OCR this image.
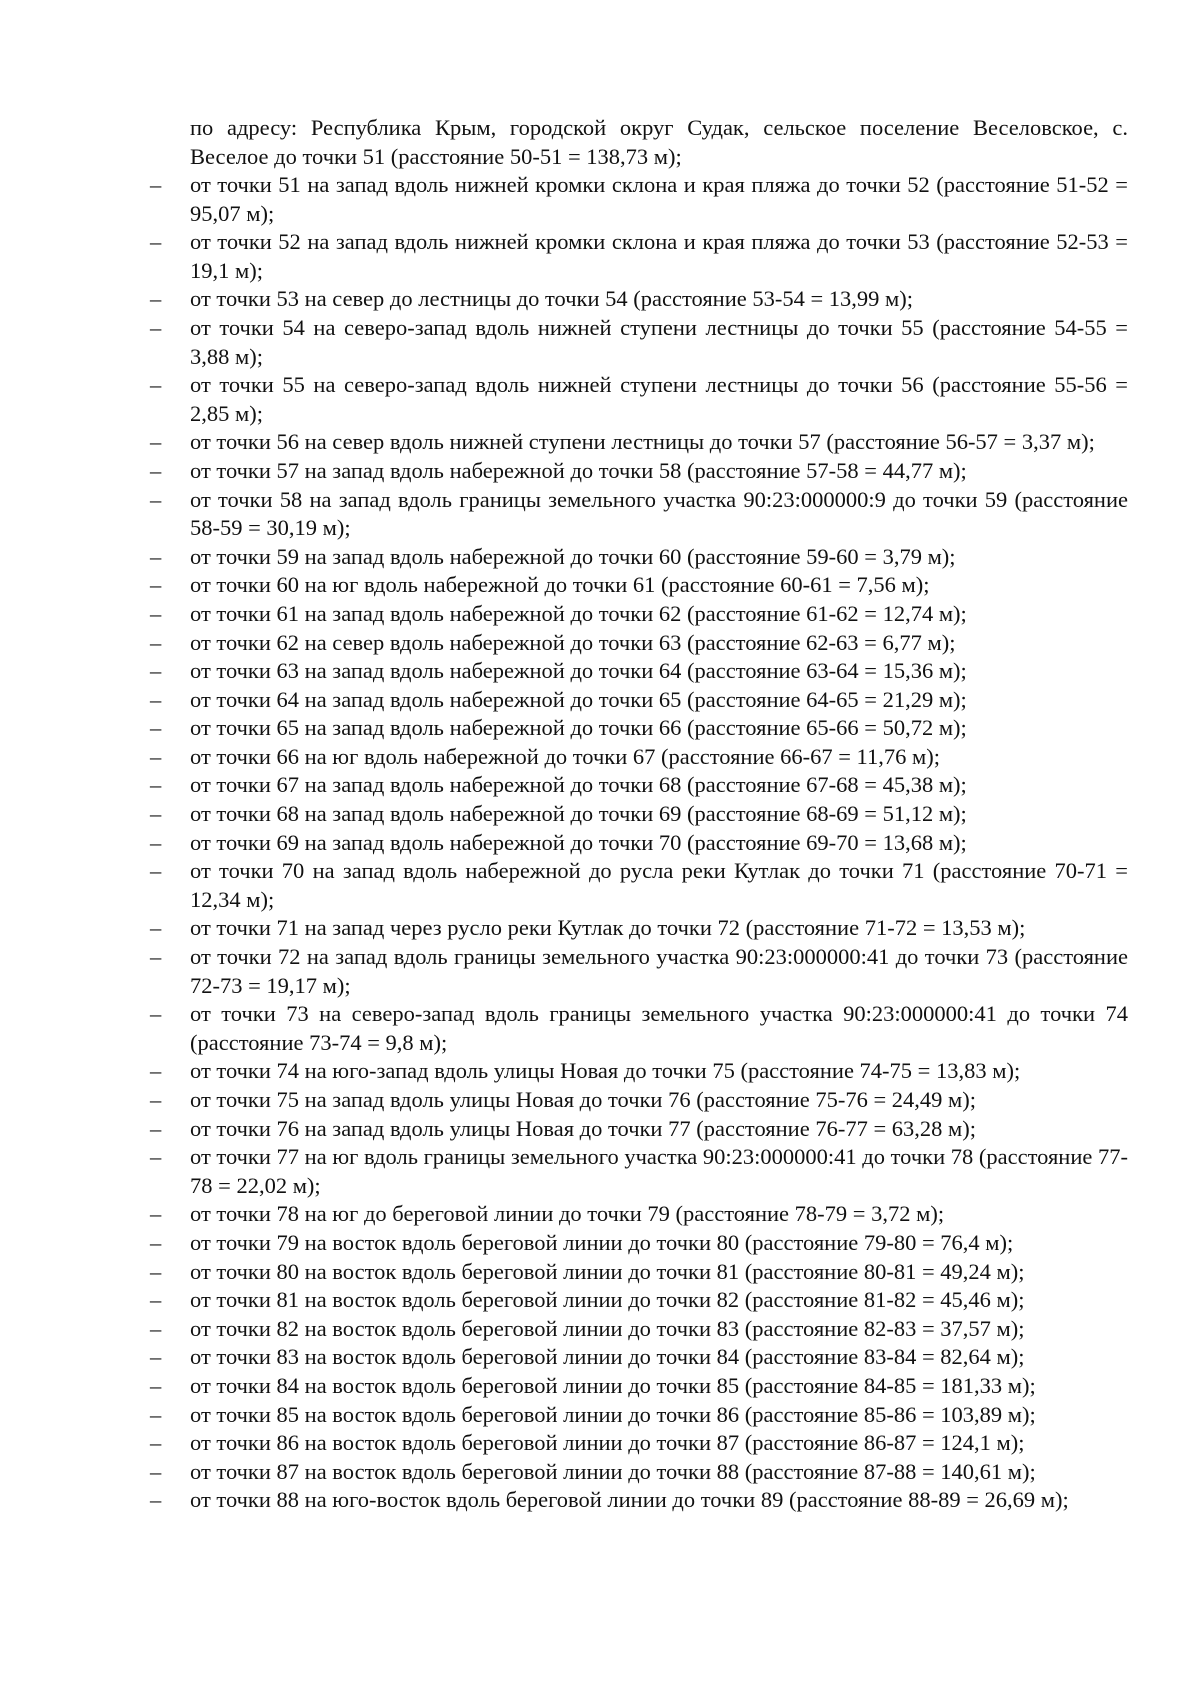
по адресу: Республика Крым, городской округ Судак, сельское поселение Веселовское, с. Веселое до точки 51 (расстояние 50-51 = 138,73 м);

–	от точки 51 на запад вдоль нижней кромки склона и края пляжа до точки 52 (расстояние 51-52 = 95,07 м);
–	от точки 52 на запад вдоль нижней кромки склона и края пляжа до точки 53 (расстояние 52-53 = 19,1 м);
–	от точки 53 на север до лестницы до точки 54 (расстояние 53-54 = 13,99 м);
–	от точки 54 на северо-запад вдоль нижней ступени лестницы до точки 55 (расстояние 54-55 = 3,88 м);
–	от точки 55 на северо-запад вдоль нижней ступени лестницы до точки 56 (расстояние 55-56 = 2,85 м);
–	от точки 56 на север вдоль нижней ступени лестницы до точки 57 (расстояние 56-57 = 3,37 м);
–	от точки 57 на запад вдоль набережной до точки 58 (расстояние 57-58 = 44,77 м);
–	от точки 58 на запад вдоль границы земельного участка 90:23:000000:9 до точки 59 (расстояние 58-59 = 30,19 м);
–	от точки 59 на запад вдоль набережной до точки 60 (расстояние 59-60 = 3,79 м);
–	от точки 60 на юг вдоль набережной до точки 61 (расстояние 60-61 = 7,56 м);
–	от точки 61 на запад вдоль набережной до точки 62 (расстояние 61-62 = 12,74 м);
–	от точки 62 на север вдоль набережной до точки 63 (расстояние 62-63 = 6,77 м);
–	от точки 63 на запад вдоль набережной до точки 64 (расстояние 63-64 = 15,36 м);
–	от точки 64 на запад вдоль набережной до точки 65 (расстояние 64-65 = 21,29 м);
–	от точки 65 на запад вдоль набережной до точки 66 (расстояние 65-66 = 50,72 м);
–	от точки 66 на юг вдоль набережной до точки 67 (расстояние 66-67 = 11,76 м);
–	от точки 67 на запад вдоль набережной до точки 68 (расстояние 67-68 = 45,38 м);
–	от точки 68 на запад вдоль набережной до точки 69 (расстояние 68-69 = 51,12 м);
–	от точки 69 на запад вдоль набережной до точки 70 (расстояние 69-70 = 13,68 м);
–	от точки 70 на запад вдоль набережной до русла реки Кутлак до точки 71 (расстояние 70-71 = 12,34 м);
–	от точки 71 на запад через русло реки Кутлак до точки 72 (расстояние 71-72 = 13,53 м);
–	от точки 72 на запад вдоль границы земельного участка 90:23:000000:41 до точки 73 (расстояние 72-73 = 19,17 м);
–	от точки 73 на северо-запад вдоль границы земельного участка 90:23:000000:41 до точки 74 (расстояние 73-74 = 9,8 м);
–	от точки 74 на юго-запад вдоль улицы Новая до точки 75 (расстояние 74-75 = 13,83 м);
–	от точки 75 на запад вдоль улицы Новая до точки 76 (расстояние 75-76 = 24,49 м);
–	от точки 76 на запад вдоль улицы Новая до точки 77 (расстояние 76-77 = 63,28 м);
–	от точки 77 на юг вдоль границы земельного участка 90:23:000000:41 до точки 78 (расстояние 77-78 = 22,02 м);
–	от точки 78 на юг до береговой линии до точки 79 (расстояние 78-79 = 3,72 м);
–	от точки 79 на восток вдоль береговой линии до точки 80 (расстояние 79-80 = 76,4 м);
–	от точки 80 на восток вдоль береговой линии до точки 81 (расстояние 80-81 = 49,24 м);
–	от точки 81 на восток вдоль береговой линии до точки 82 (расстояние 81-82 = 45,46 м);
–	от точки 82 на восток вдоль береговой линии до точки 83 (расстояние 82-83 = 37,57 м);
–	от точки 83 на восток вдоль береговой линии до точки 84 (расстояние 83-84 = 82,64 м);
–	от точки 84 на восток вдоль береговой линии до точки 85 (расстояние 84-85 = 181,33 м);
–	от точки 85 на восток вдоль береговой линии до точки 86 (расстояние 85-86 = 103,89 м);
–	от точки 86 на восток вдоль береговой линии до точки 87 (расстояние 86-87 = 124,1 м);
–	от точки 87 на восток вдоль береговой линии до точки 88 (расстояние 87-88 = 140,61 м);
–	от точки 88 на юго-восток вдоль береговой линии до точки 89 (расстояние 88-89 = 26,69 м);
